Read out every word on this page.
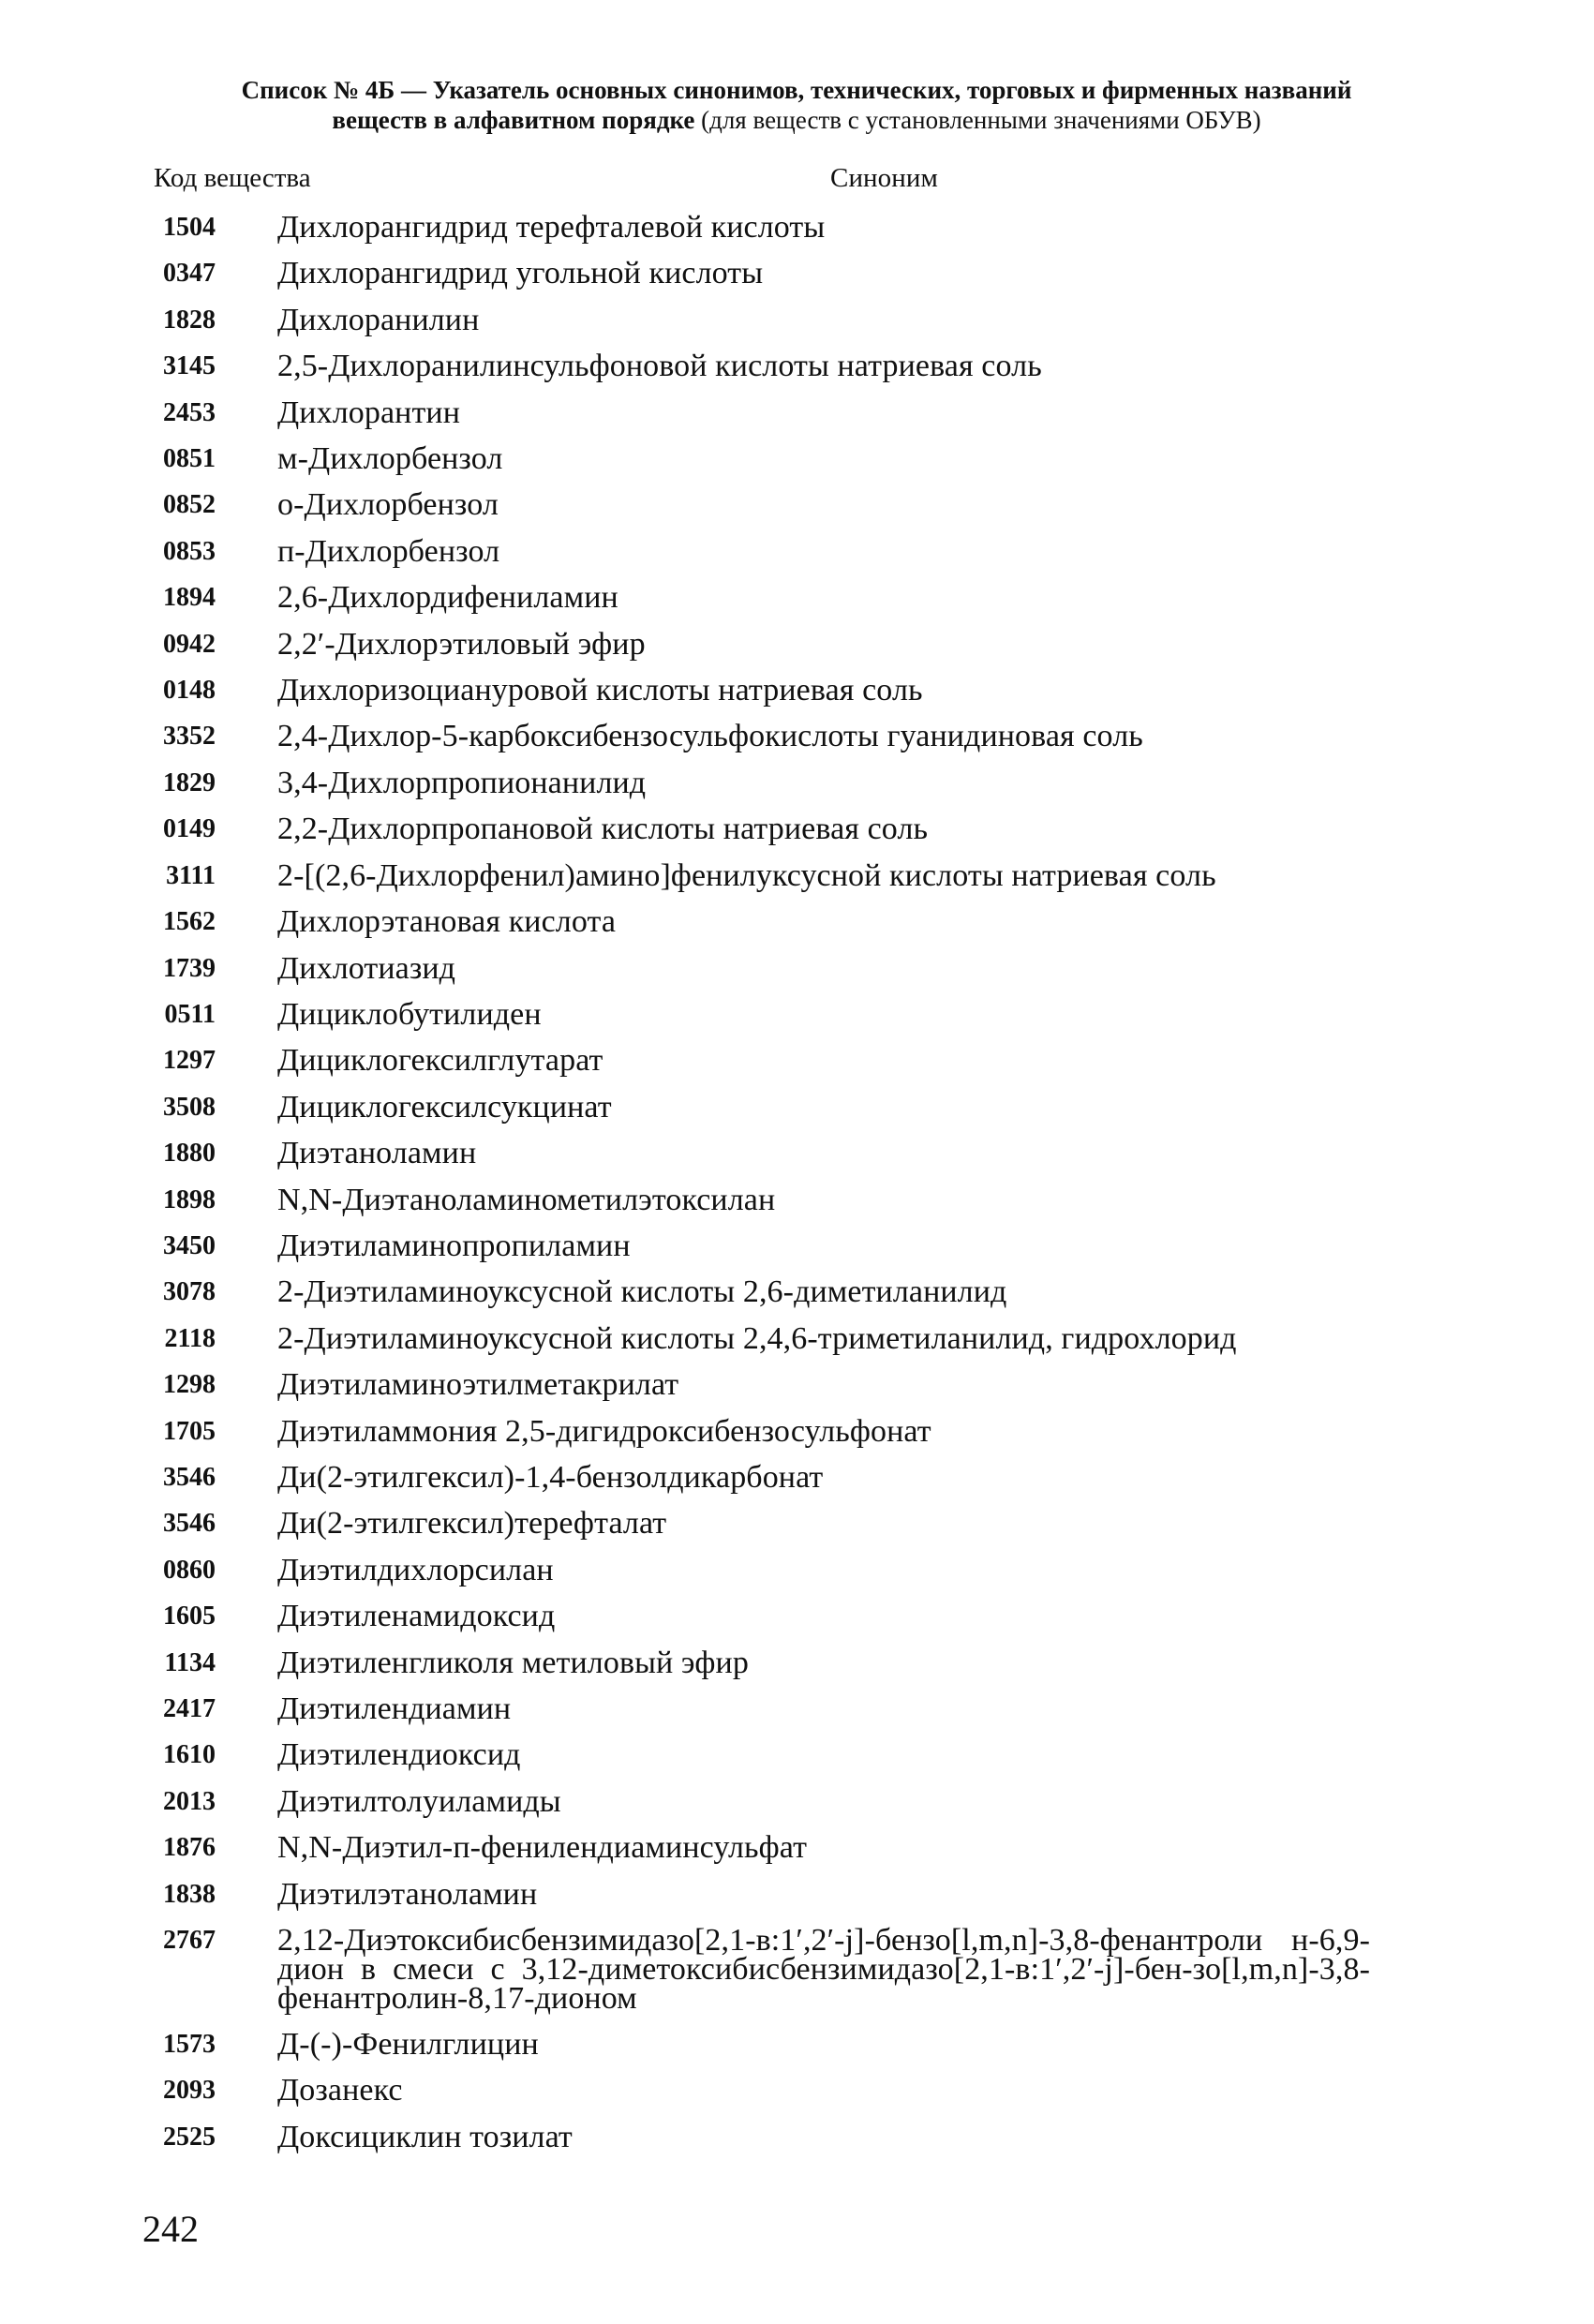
Список № 4Б — Указатель основных синонимов, технических, торговых и фирменных названий
веществ в алфавитном порядке (для веществ с установленными значениями ОБУВ)
Код вещества	Синоним
1504	Дихлорангидрид терефталевой кислоты
0347	Дихлорангидрид угольной кислоты
1828	Дихлоранилин
3145	2,5-Дихлоранилинсульфоновой кислоты натриевая соль
2453	Дихлорантин
0851	м-Дихлорбензол
0852	о-Дихлорбензол
0853	п-Дихлорбензол
1894	2,6-Дихлордифениламин
0942	2,2′-Дихлорэтиловый эфир
0148	Дихлоризоциануровой кислоты натриевая соль
3352	2,4-Дихлор-5-карбоксибензосульфокислоты гуанидиновая соль
1829	3,4-Дихлорпропионанилид
0149	2,2-Дихлорпропановой кислоты натриевая соль
3111	2-[(2,6-Дихлорфенил)амино]фенилуксусной кислоты натриевая соль
1562	Дихлорэтановая кислота
1739	Дихлотиазид
0511	Дициклобутилиден
1297	Дициклогексилглутарат
3508	Дициклогексилсукцинат
1880	Диэтаноламин
1898	N,N-Диэтаноламинометилэтоксилан
3450	Диэтиламинопропиламин
3078	2-Диэтиламиноуксусной кислоты 2,6-диметиланилид
2118	2-Диэтиламиноуксусной кислоты 2,4,6-триметиланилид, гидрохлорид
1298	Диэтиламиноэтилметакрилат
1705	Диэтиламмония 2,5-дигидроксибензосульфонат
3546	Ди(2-этилгексил)-1,4-бензолдикарбонат
3546	Ди(2-этилгексил)терефталат
0860	Диэтилдихлорсилан
1605	Диэтиленамидоксид
1134	Диэтиленгликоля метиловый эфир
2417	Диэтилендиамин
1610	Диэтилендиоксид
2013	Диэтилтолуиламиды
1876	N,N-Диэтил-п-фенилендиаминсульфат
1838	Диэтилэтаноламин
2767	2,12-Диэтоксибисбензимидазо[2,1-в:1′,2′-j]-бензо[l,m,n]-3,8-фенантроли н-6,9-дион в смеси с 3,12-диметоксибисбензимидазо[2,1-в:1′,2′-j]-бен-зо[l,m,n]-3,8-фенантролин-8,17-дионом
1573	Д-(-)-Фенилглицин
2093	Дозанекс
2525	Доксициклин тозилат
242
